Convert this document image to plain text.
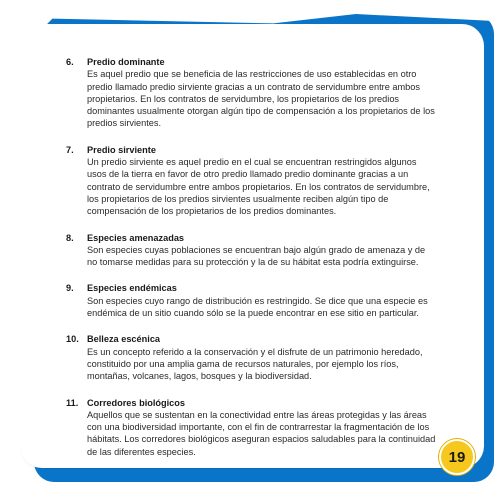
6.	Predio dominante
Es aquel predio que se beneficia de las restricciones de uso establecidas en otro predio llamado predio sirviente gracias a un contrato de servidumbre entre ambos propietarios. En los contratos de servidumbre, los propietarios de los predios dominantes usualmente otorgan algún tipo de compensación a los propietarios de los predios sirvientes.
7.	Predio sirviente
Un predio sirviente es aquel predio en el cual se encuentran restringidos algunos usos de la tierra en favor de otro predio llamado predio dominante gracias a un contrato de servidumbre entre ambos propietarios. En los contratos de servidumbre, los propietarios de los predios sirvientes usualmente reciben algún tipo de compensación de los propietarios de los predios dominantes.
8.	Especies amenazadas
Son especies cuyas poblaciones se encuentran bajo algún grado de amenaza y de no tomarse medidas para su protección y la de su hábitat esta podría extinguirse.
9.	Especies endémicas
Son especies cuyo rango de distribución es restringido. Se dice que una especie es endémica de un sitio cuando sólo se la puede encontrar en ese sitio en particular.
10. Belleza escénica
Es un concepto referido a la conservación y el disfrute de un patrimonio heredado, constituido por una amplia gama de recursos naturales, por ejemplo los ríos, montañas, volcanes, lagos, bosques y la biodiversidad.
11. Corredores biológicos
Aquellos que se sustentan en la conectividad entre las áreas protegidas y las áreas con una biodiversidad importante, con el fin de contrarrestar la fragmentación de los hábitats. Los corredores biológicos aseguran espacios saludables para la continuidad de las diferentes especies.	19
